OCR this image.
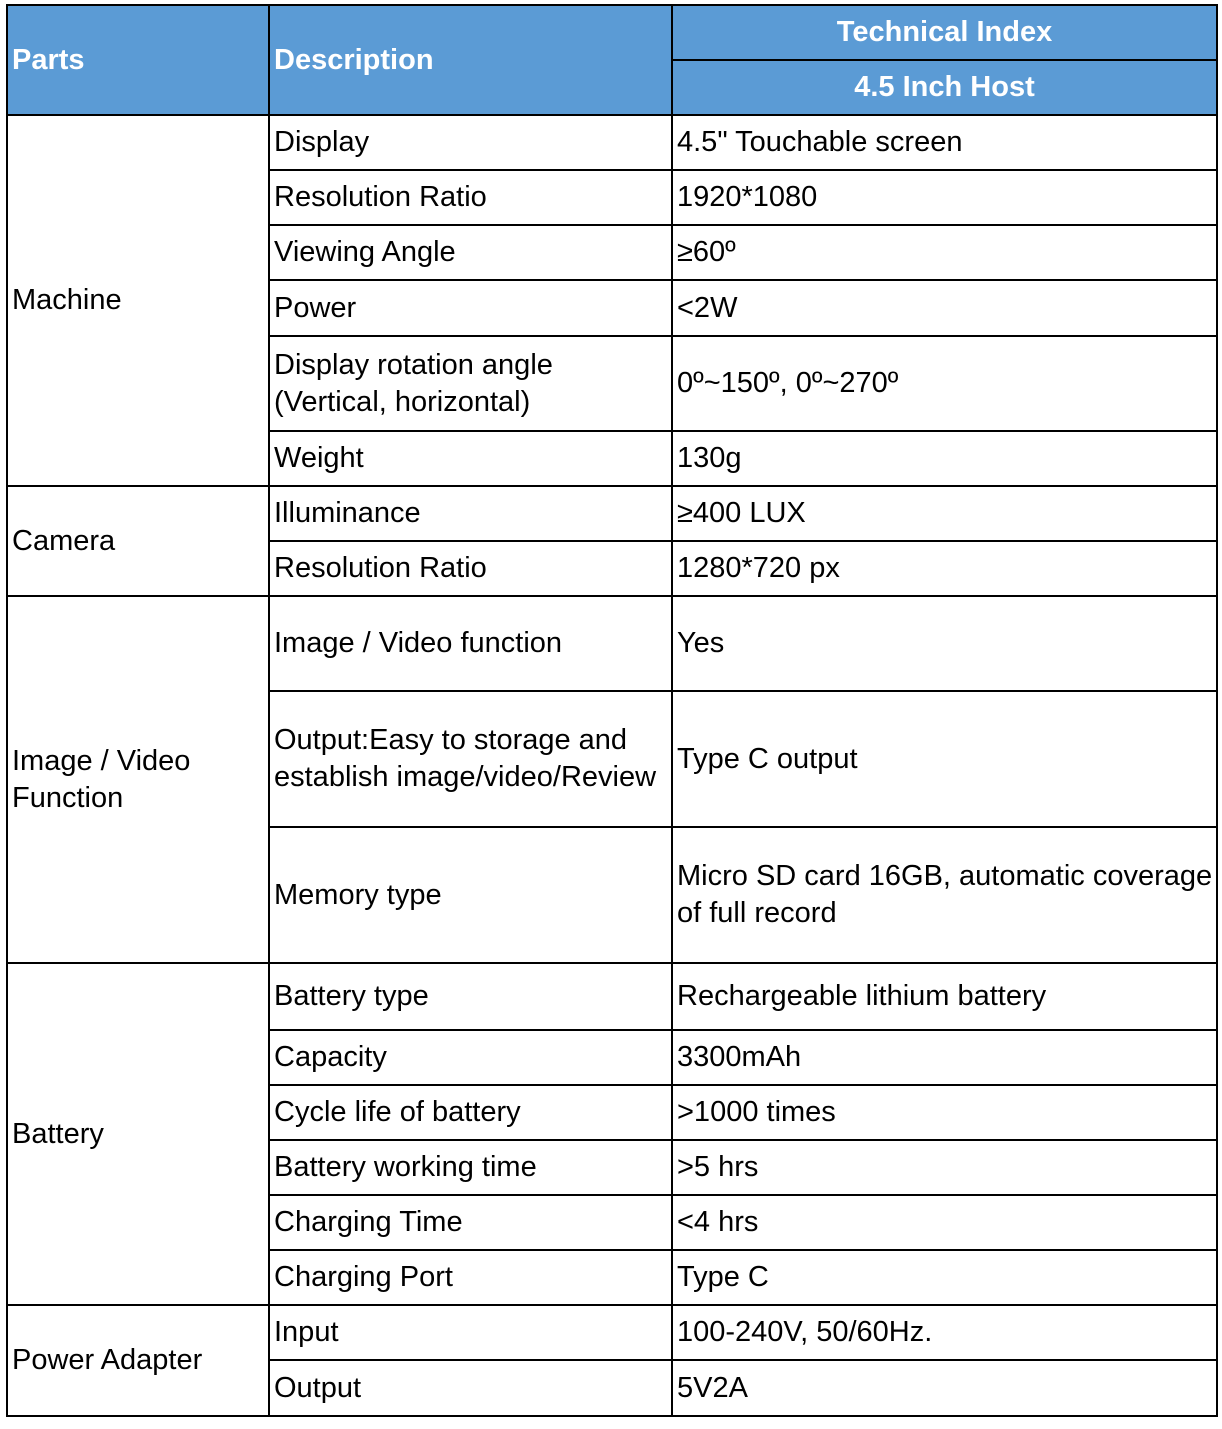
Parts	Description	Technical Index
		4.5 Inch Host
Machine	Display	4.5" Touchable screen
	Resolution Ratio	1920*1080
	Viewing Angle	≥60º
	Power	<2W
	Display rotation angle (Vertical, horizontal)	0º~150º, 0º~270º
	Weight	130g
Camera	Illuminance	≥400 LUX
	Resolution Ratio	1280*720 px
Image / Video Function	Image / Video function	Yes
	Output:Easy to storage and establish image/video/Review	Type C output
	Memory type	Micro SD card 16GB, automatic coverage of full record
Battery	Battery type	Rechargeable lithium battery
	Capacity	3300mAh
	Cycle life of battery	>1000 times
	Battery working time	>5 hrs
	Charging Time	<4 hrs
	Charging Port	Type C
Power Adapter	Input	100-240V, 50/60Hz.
	Output	5V2A
